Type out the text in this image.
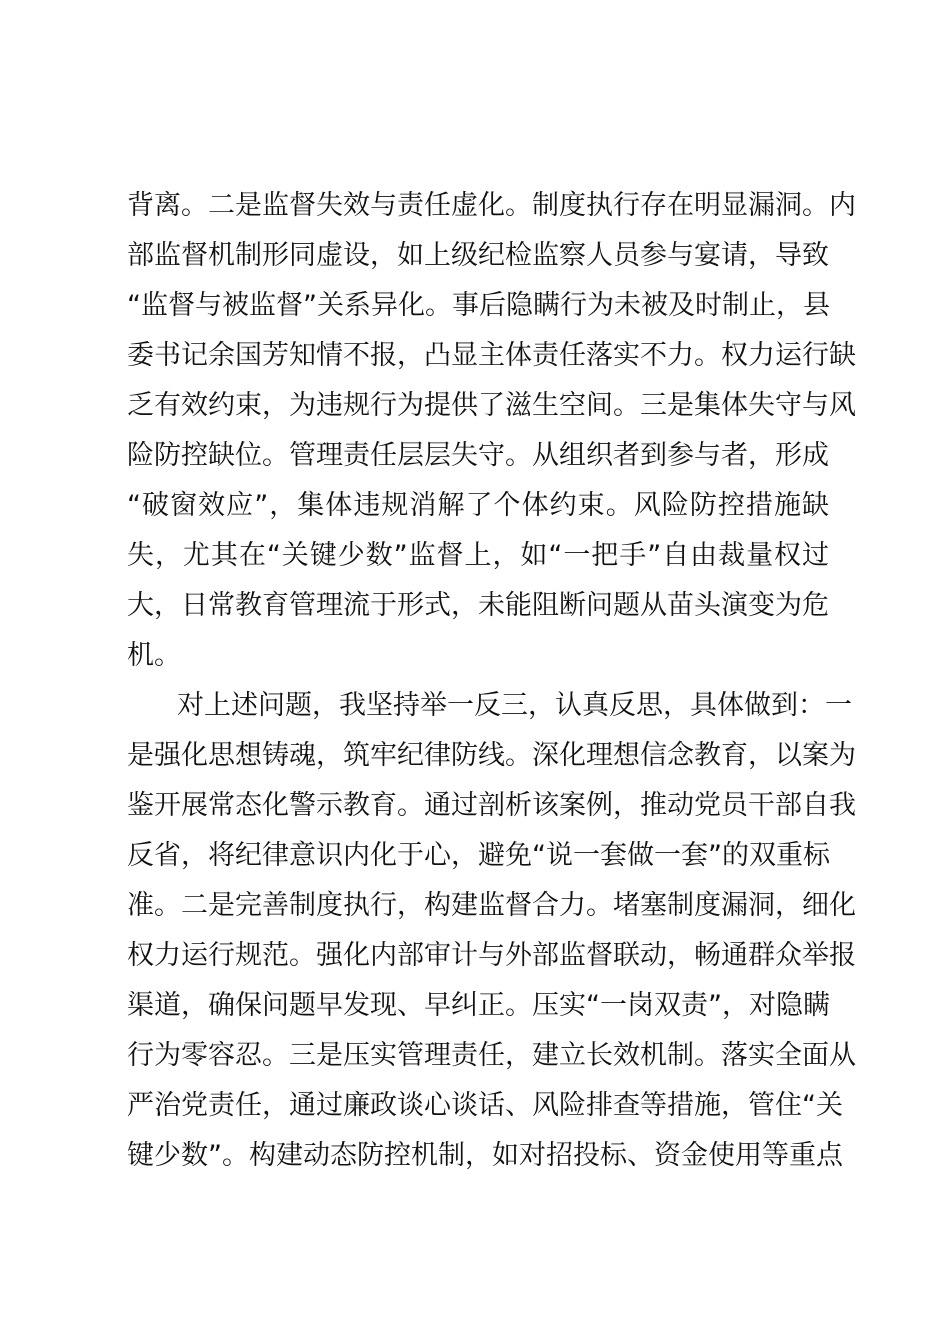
背离。二是监督失效与责任虚化。制度执行存在明显漏洞。内
部监督机制形同虚设，如上级纪检监察人员参与宴请，导致
“监督与被监督”关系异化。事后隐瞒行为未被及时制止，县
委书记余国芳知情不报，凸显主体责任落实不力。权力运行缺
乏有效约束，为违规行为提供了滋生空间。三是集体失守与风
险防控缺位。管理责任层层失守。从组织者到参与者，形成
“破窗效应”，集体违规消解了个体约束。风险防控措施缺
失，尤其在“关键少数”监督上，如“一把手”自由裁量权过
大，日常教育管理流于形式，未能阻断问题从苗头演变为危
机。
对上述问题，我坚持举一反三，认真反思，具体做到：一
是强化思想铸魂，筑牢纪律防线。深化理想信念教育，以案为
鉴开展常态化警示教育。通过剖析该案例，推动党员干部自我
反省，将纪律意识内化于心，避免“说一套做一套”的双重标
准。二是完善制度执行，构建监督合力。堵塞制度漏洞，细化
权力运行规范。强化内部审计与外部监督联动，畅通群众举报
渠道，确保问题早发现、早纠正。压实“一岗双责”，对隐瞒
行为零容忍。三是压实管理责任，建立长效机制。落实全面从
严治党责任，通过廉政谈心谈话、风险排查等措施，管住“关
键少数”。构建动态防控机制，如对招投标、资金使用等重点
